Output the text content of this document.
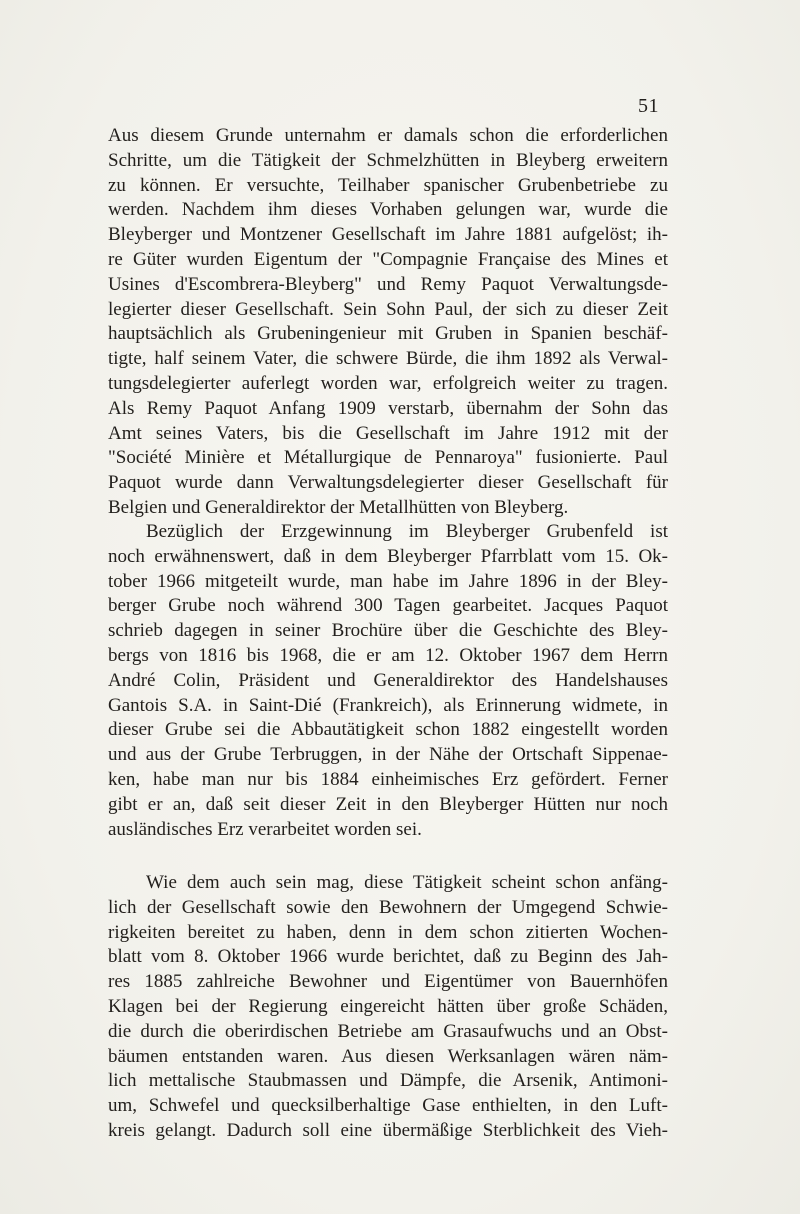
51
Aus diesem Grunde unternahm er damals schon die erforderlichen
Schritte, um die Tätigkeit der Schmelzhütten in Bleyberg erweitern
zu können. Er versuchte, Teilhaber spanischer Grubenbetriebe zu
werden. Nachdem ihm dieses Vorhaben gelungen war, wurde die
Bleyberger und Montzener Gesellschaft im Jahre 1881 aufgelöst; ih-
re Güter wurden Eigentum der "Compagnie Française des Mines et
Usines d'Escombrera-Bleyberg" und Remy Paquot Verwaltungsde-
legierter dieser Gesellschaft. Sein Sohn Paul, der sich zu dieser Zeit
hauptsächlich als Grubeningenieur mit Gruben in Spanien beschäf-
tigte, half seinem Vater, die schwere Bürde, die ihm 1892 als Verwal-
tungsdelegierter auferlegt worden war, erfolgreich weiter zu tragen.
Als Remy Paquot Anfang 1909 verstarb, übernahm der Sohn das
Amt seines Vaters, bis die Gesellschaft im Jahre 1912 mit der
"Société Minière et Métallurgique de Pennaroya" fusionierte. Paul
Paquot wurde dann Verwaltungsdelegierter dieser Gesellschaft für
Belgien und Generaldirektor der Metallhütten von Bleyberg.
Bezüglich der Erzgewinnung im Bleyberger Grubenfeld ist
noch erwähnenswert, daß in dem Bleyberger Pfarrblatt vom 15. Ok-
tober 1966 mitgeteilt wurde, man habe im Jahre 1896 in der Bley-
berger Grube noch während 300 Tagen gearbeitet. Jacques Paquot
schrieb dagegen in seiner Brochüre über die Geschichte des Bley-
bergs von 1816 bis 1968, die er am 12. Oktober 1967 dem Herrn
André Colin, Präsident und Generaldirektor des Handelshauses
Gantois S.A. in Saint-Dié (Frankreich), als Erinnerung widmete, in
dieser Grube sei die Abbautätigkeit schon 1882 eingestellt worden
und aus der Grube Terbruggen, in der Nähe der Ortschaft Sippenae-
ken, habe man nur bis 1884 einheimisches Erz gefördert. Ferner
gibt er an, daß seit dieser Zeit in den Bleyberger Hütten nur noch
ausländisches Erz verarbeitet worden sei.
Wie dem auch sein mag, diese Tätigkeit scheint schon anfäng-
lich der Gesellschaft sowie den Bewohnern der Umgegend Schwie-
rigkeiten bereitet zu haben, denn in dem schon zitierten Wochen-
blatt vom 8. Oktober 1966 wurde berichtet, daß zu Beginn des Jah-
res 1885 zahlreiche Bewohner und Eigentümer von Bauernhöfen
Klagen bei der Regierung eingereicht hätten über große Schäden,
die durch die oberirdischen Betriebe am Grasaufwuchs und an Obst-
bäumen entstanden waren. Aus diesen Werksanlagen wären näm-
lich mettalische Staubmassen und Dämpfe, die Arsenik, Antimoni-
um, Schwefel und quecksilberhaltige Gase enthielten, in den Luft-
kreis gelangt. Dadurch soll eine übermäßige Sterblichkeit des Vieh-
